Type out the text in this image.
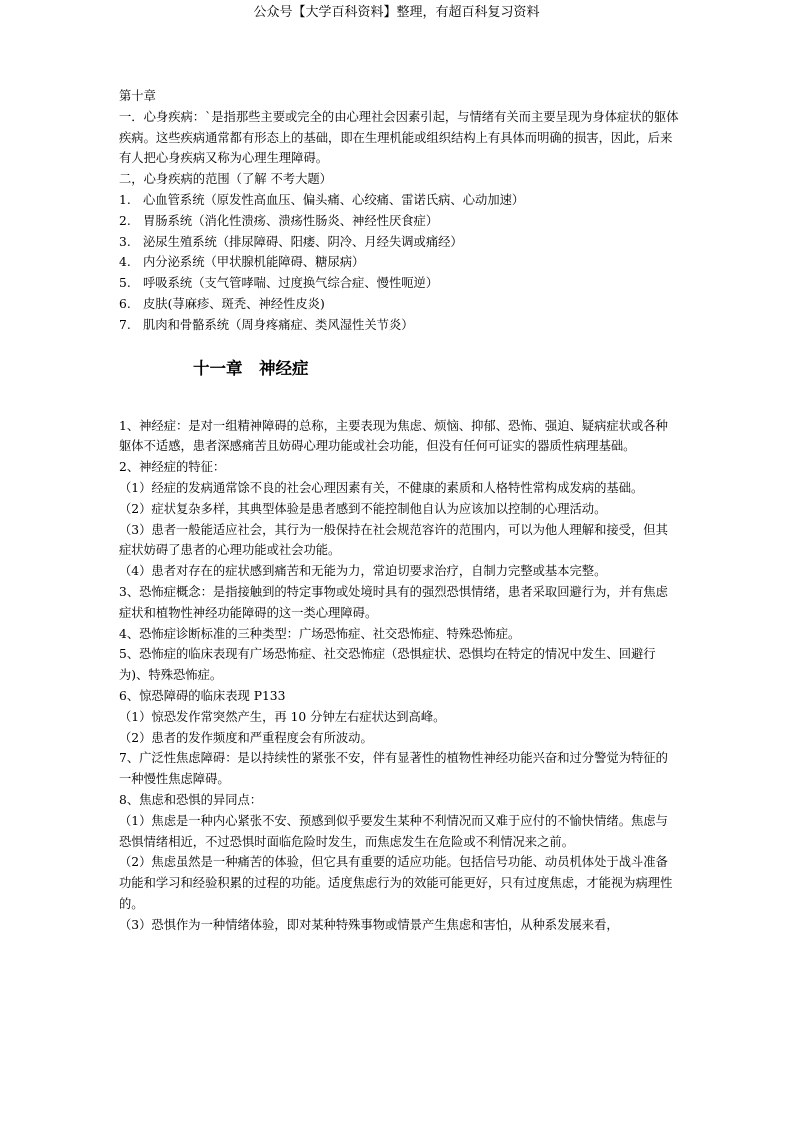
公众号【大学百科资料】整理，有超百科复习资料

第十章

一．心身疾病：`是指那些主要或完全的由心理社会因素引起，与情绪有关而主要呈现为身体症状的躯体疾病。这些疾病通常都有形态上的基础，即在生理机能或组织结构上有具体而明确的损害，因此，后来有人把心身疾病又称为心理生理障碍。

二，心身疾病的范围（了解 不考大题）

1. 心血管系统（原发性高血压、偏头痛、心绞痛、雷诺氏病、心动加速）
2. 胃肠系统（消化性溃疡、溃疡性肠炎、神经性厌食症）
3. 泌尿生殖系统（排尿障碍、阳痿、阴冷、月经失调或痛经）
4. 内分泌系统（甲状腺机能障碍、糖尿病）
5. 呼吸系统（支气管哮喘、过度换气综合症、慢性呃逆）
6. 皮肤(荨麻疹、斑秃、神经性皮炎)
7. 肌肉和骨骼系统（周身疼痛症、类风湿性关节炎）
十一章　神经症

1、神经症：是对一组精神障碍的总称，主要表现为焦虑、烦恼、抑郁、恐怖、强迫、疑病症状或各种躯体不适感，患者深感痛苦且妨碍心理功能或社会功能，但没有任何可证实的器质性病理基础。

2、神经症的特征：

（1）经症的发病通常馀不良的社会心理因素有关，不健康的素质和人格特性常构成发病的基础。

（2）症状复杂多样，其典型体验是患者感到不能控制他自认为应该加以控制的心理活动。

（3）患者一般能适应社会，其行为一般保持在社会规范容许的范围内，可以为他人理解和接受，但其症状妨碍了患者的心理功能或社会功能。

（4）患者对存在的症状感到痛苦和无能为力，常迫切要求治疗，自制力完整或基本完整。

3、恐怖症概念：是指接触到的特定事物或处境时具有的强烈恐惧情绪，患者采取回避行为，并有焦虑症状和植物性神经功能障碍的这一类心理障碍。

4、恐怖症诊断标准的三种类型：广场恐怖症、社交恐怖症、特殊恐怖症。

5、恐怖症的临床表现有广场恐怖症、社交恐怖症（恐惧症状、恐惧均在特定的情况中发生、回避行为)、特殊恐怖症。

6、惊恐障碍的临床表现 P133

（1）惊恐发作常突然产生，再 10 分钟左右症状达到高峰。

（2）患者的发作频度和严重程度会有所波动。

7、广泛性焦虑障碍：是以持续性的紧张不安，伴有显著性的植物性神经功能兴奋和过分警觉为特征的一种慢性焦虑障碍。

8、焦虑和恐惧的异同点：

（1）焦虑是一种内心紧张不安、预感到似乎要发生某种不利情况而又难于应付的不愉快情绪。焦虑与恐惧情绪相近，不过恐惧时面临危险时发生，而焦虑发生在危险或不利情况来之前。

（2）焦虑虽然是一种痛苦的体验，但它具有重要的适应功能。包括信号功能、动员机体处于战斗准备功能和学习和经验积累的过程的功能。适度焦虑行为的效能可能更好，只有过度焦虑，才能视为病理性的。

（3）恐惧作为一种情绪体验，即对某种特殊事物或情景产生焦虑和害怕，从种系发展来看，
